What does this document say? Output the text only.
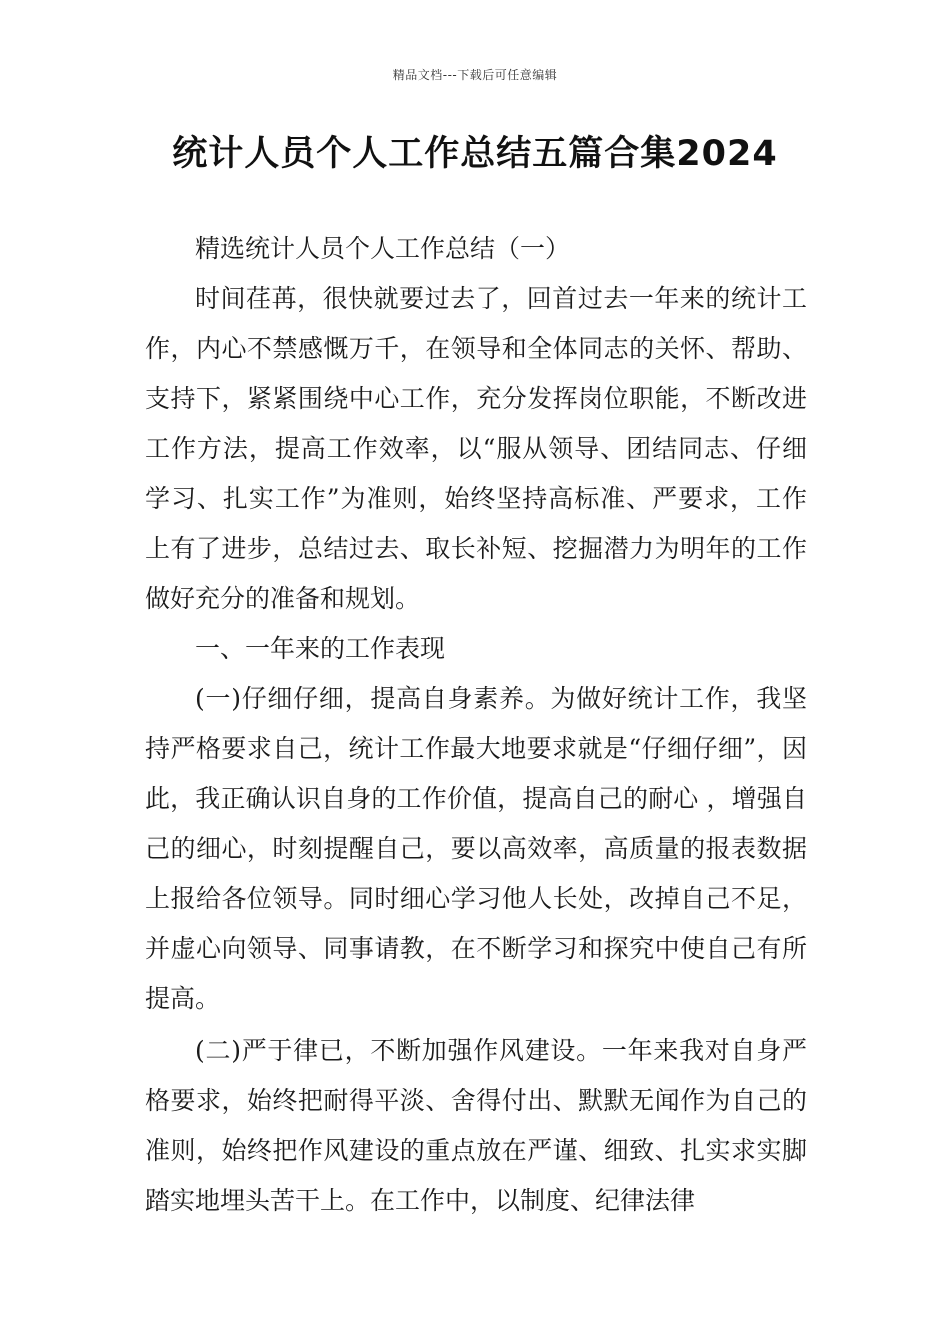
精品文档---下载后可任意编辑
统计人员个人工作总结五篇合集2024

精选统计人员个人工作总结（一）

时间荏苒，很快就要过去了，回首过去一年来的统计工作，内心不禁感慨万千，在领导和全体同志的关怀、帮助、支持下，紧紧围绕中心工作，充分发挥岗位职能，不断改进工作方法，提高工作效率，以“服从领导、团结同志、仔细学习、扎实工作”为准则，始终坚持高标准、严要求，工作上有了进步，总结过去、取长补短、挖掘潜力为明年的工作做好充分的准备和规划。

一、一年来的工作表现

(一)仔细仔细，提高自身素养。为做好统计工作，我坚持严格要求自己，统计工作最大地要求就是“仔细仔细”，因此，我正确认识自身的工作价值，提高自己的耐心 ，增强自己的细心，时刻提醒自己，要以高效率，高质量的报表数据上报给各位领导。同时细心学习他人长处，改掉自己不足，并虚心向领导、同事请教，在不断学习和探究中使自己有所提高。

(二)严于律已，不断加强作风建设。一年来我对自身严格要求，始终把耐得平淡、舍得付出、默默无闻作为自己的准则，始终把作风建设的重点放在严谨、细致、扎实求实脚踏实地埋头苦干上。在工作中，以制度、纪律法律
